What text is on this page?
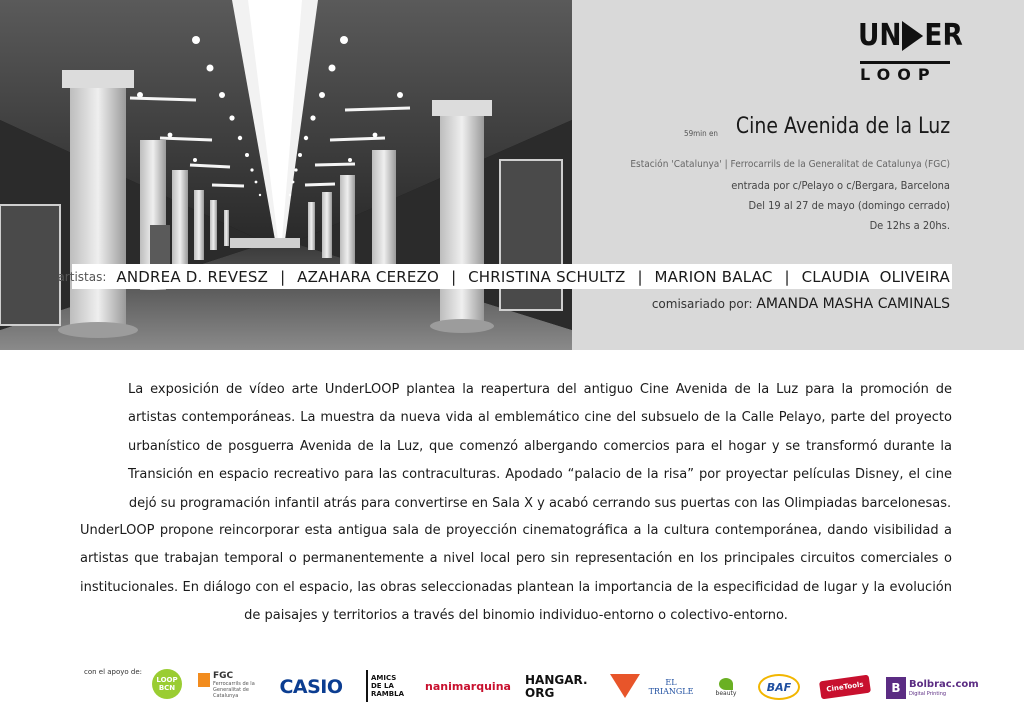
UN ER
LOOP
59min en Cine Avenida de la Luz
Estación 'Catalunya' | Ferrocarrils de la Generalitat de Catalunya (FGC)
entrada por c/Pelayo o c/Bergara, Barcelona
Del 19 al 27 de mayo (domingo cerrado)
De 12hs a 20hs.
artistas: ANDREA D. REVESZ | AZAHARA CEREZO | CHRISTINA SCHULTZ | MARION BALAC | CLAUDIA  OLIVEIRA
comisariado por: AMANDA MASHA CAMINALS

La exposición de vídeo arte UnderLOOP plantea la reapertura del antiguo Cine Avenida de la Luz para la promoción de artistas contemporáneas. La muestra da nueva vida al emblemático cine del subsuelo de la Calle Pelayo, parte del proyecto urbanístico de posguerra Avenida de la Luz, que comenzó albergando comercios para el hogar y se transformó durante la Transición en espacio recreativo para las contraculturas. Apodado “palacio de la risa” por proyectar películas Disney, el cine dejó su programación infantil atrás para convertirse en Sala X y acabó cerrando sus puertas con las Olimpiadas barcelonesas.

UnderLOOP propone reincorporar esta antigua sala de proyección cinematográfica a la cultura contemporánea, dando visibilidad a artistas que trabajan temporal o permanentemente a nivel local pero sin representación en los principales circuitos comerciales o institucionales. En diálogo con el espacio, las obras seleccionadas plantean la importancia de la especificidad de lugar y la evolución de paisajes y territorios a través del binomio individuo-entorno o colectivo-entorno.

con el apoyo de:
LOOP BCN
FGC
Ferrocarrils de la Generalitat de Catalunya	CASIO	AMICS DE LA RAMBLA
nanimarquina HANGAR. ORG
EL TRIANGLE	beauty	BAF	CineTools	B Bolbrac.com
Digital Printing
